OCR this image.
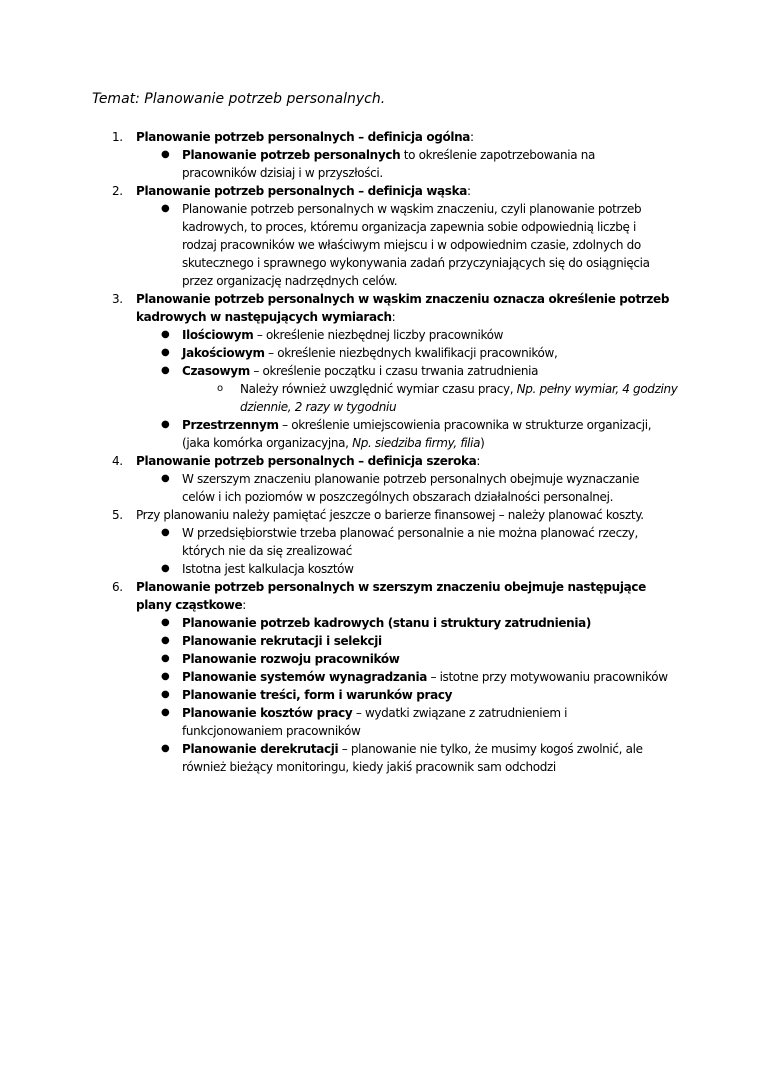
Temat: Planowanie potrzeb personalnych.
1. Planowanie potrzeb personalnych – definicja ogólna:
● Planowanie potrzeb personalnych to określenie zapotrzebowania na pracowników dzisiaj i w przyszłości.
2. Planowanie potrzeb personalnych – definicja wąska:
● Planowanie potrzeb personalnych w wąskim znaczeniu, czyli planowanie potrzeb kadrowych, to proces, któremu organizacja zapewnia sobie odpowiednią liczbę i rodzaj pracowników we właściwym miejscu i w odpowiednim czasie, zdolnych do skutecznego i sprawnego wykonywania zadań przyczyniających się do osiągnięcia przez organizację nadrzędnych celów.
3. Planowanie potrzeb personalnych w wąskim znaczeniu oznacza określenie potrzeb kadrowych w następujących wymiarach:
● Ilościowym – określenie niezbędnej liczby pracowników
● Jakościowym – określenie niezbędnych kwalifikacji pracowników,
● Czasowym – określenie początku i czasu trwania zatrudnienia
o Należy również uwzględnić wymiar czasu pracy, Np. pełny wymiar, 4 godziny dziennie, 2 razy w tygodniu
● Przestrzennym – określenie umiejscowienia pracownika w strukturze organizacji, (jaka komórka organizacyjna, Np. siedziba firmy, filia)
4. Planowanie potrzeb personalnych – definicja szeroka:
● W szerszym znaczeniu planowanie potrzeb personalnych obejmuje wyznaczanie celów i ich poziomów w poszczególnych obszarach działalności personalnej.
5. Przy planowaniu należy pamiętać jeszcze o barierze finansowej – należy planować koszty.
● W przedsiębiorstwie trzeba planować personalnie a nie można planować rzeczy, których nie da się zrealizować
● Istotna jest kalkulacja kosztów
6. Planowanie potrzeb personalnych w szerszym znaczeniu obejmuje następujące plany cząstkowe:
● Planowanie potrzeb kadrowych (stanu i struktury zatrudnienia)
● Planowanie rekrutacji i selekcji
● Planowanie rozwoju pracowników
● Planowanie systemów wynagradzania – istotne przy motywowaniu pracowników
● Planowanie treści, form i warunków pracy
● Planowanie kosztów pracy – wydatki związane z zatrudnieniem i funkcjonowaniem pracowników
● Planowanie derekrutacji – planowanie nie tylko, że musimy kogoś zwolnić, ale również bieżący monitoringu, kiedy jakiś pracownik sam odchodzi
